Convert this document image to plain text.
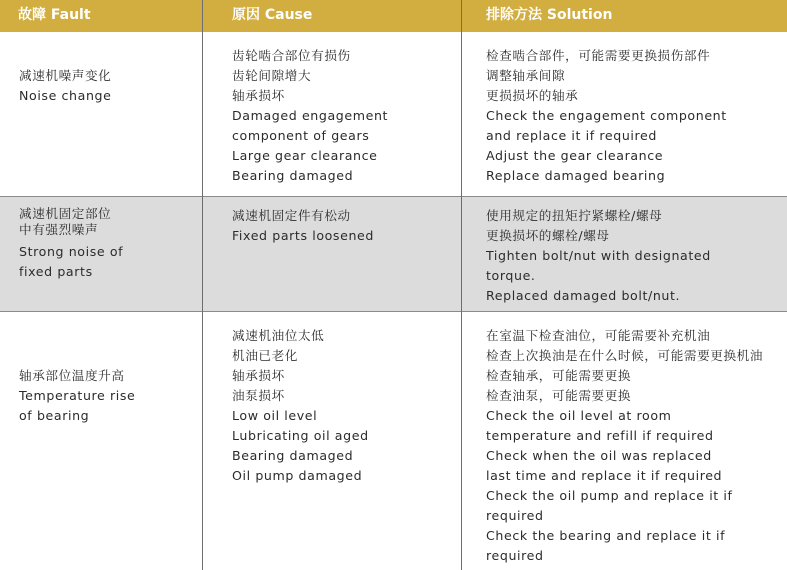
故障 Fault	原因 Cause	排除方法 Solution
减速机噪声变化
Noise change
齿轮啮合部位有损伤
齿轮间隙增大
轴承损坏
Damaged engagement
component of gears
Large gear clearance
Bearing damaged
检查啮合部件，可能需要更换损伤部件
调整轴承间隙
更损损坏的轴承
Check the engagement component
and replace it if required
Adjust the gear clearance
Replace damaged bearing
减速机固定部位
中有强烈噪声
Strong noise of
fixed parts
减速机固定件有松动
Fixed parts loosened
使用规定的扭矩拧紧螺栓/螺母
更换损坏的螺栓/螺母
Tighten bolt/nut with designated
torque.
Replaced damaged bolt/nut.
轴承部位温度升高
Temperature rise
of bearing
减速机油位太低
机油已老化
轴承损坏
油泵损坏
Low oil level
Lubricating oil aged
Bearing damaged
Oil pump damaged
在室温下检查油位，可能需要补充机油
检查上次换油是在什么时候，可能需要更换机油
检查轴承，可能需要更换
检查油泵，可能需要更换
Check the oil level at room
temperature and refill if required
Check when the oil was replaced
last time and replace it if required
Check the oil pump and replace it if
required
Check the bearing and replace it if
required
